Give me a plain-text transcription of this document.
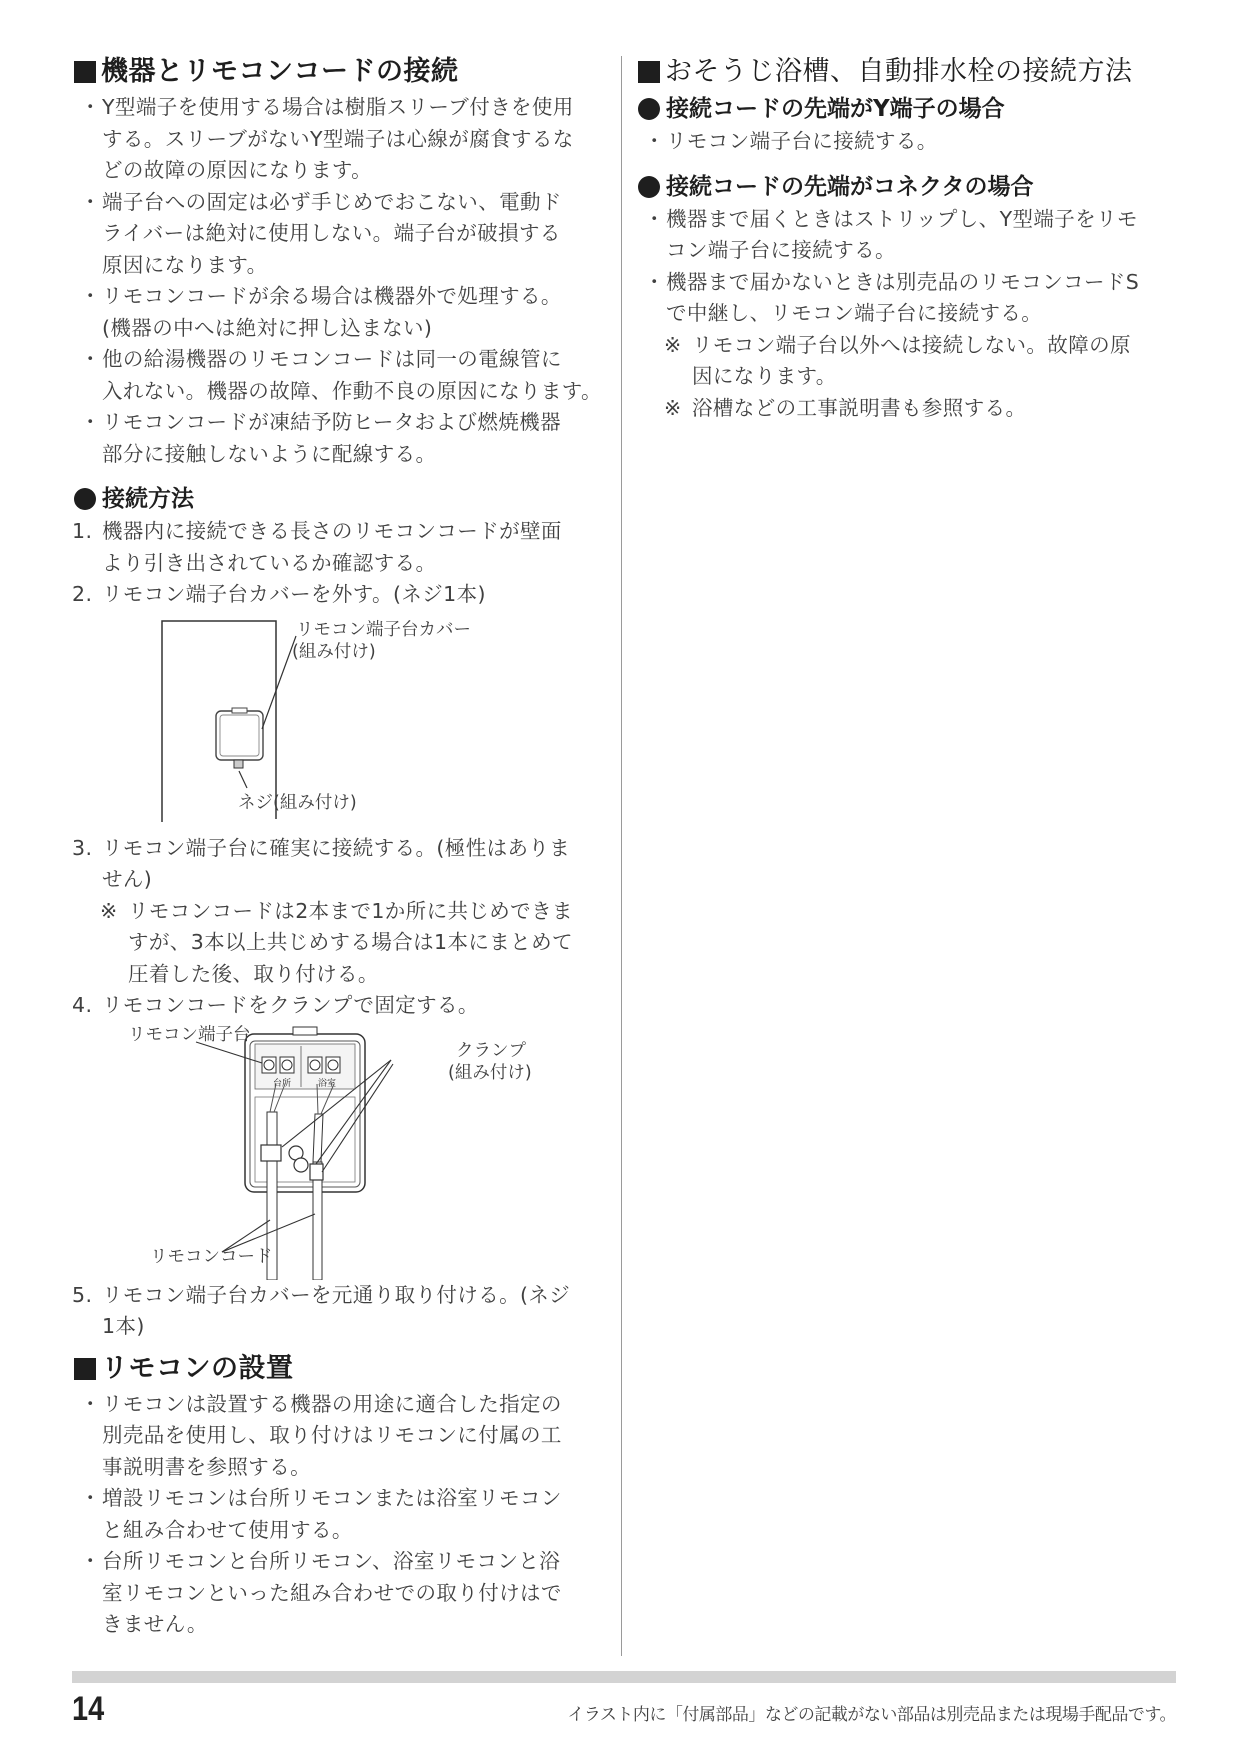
機器とリモコンコードの接続

・ Y型端子を使用する場合は樹脂スリーブ付きを使用
する。スリーブがないY型端子は心線が腐食するな
どの故障の原因になります。

・ 端子台への固定は必ず手じめでおこない、電動ド
ライバーは絶対に使用しない。端子台が破損する
原因になります。

・ リモコンコードが余る場合は機器外で処理する。
(機器の中へは絶対に押し込まない)

・ 他の給湯機器のリモコンコードは同一の電線管に
入れない。機器の故障、作動不良の原因になります。

・ リモコンコードが凍結予防ヒータおよび燃焼機器
部分に接触しないように配線する。

接続方法

1. 機器内に接続できる長さのリモコンコードが壁面
より引き出されているか確認する。

2. リモコン端子台カバーを外す。(ネジ1本)

リモコン端子台カバー
(組み付け)
ネジ(組み付け)

3. リモコン端子台に確実に接続する。(極性はありま
せん)

※ リモコンコードは2本まで1か所に共じめできま
すが、3本以上共じめする場合は1本にまとめて
圧着した後、取り付ける。

4. リモコンコードをクランプで固定する。

台所	浴室
リモコン端子台
クランプ
(組み付け)
リモコンコード

5. リモコン端子台カバーを元通り取り付ける。(ネジ
1本)

リモコンの設置

・ リモコンは設置する機器の用途に適合した指定の
別売品を使用し、取り付けはリモコンに付属の工
事説明書を参照する。

・ 増設リモコンは台所リモコンまたは浴室リモコン
と組み合わせて使用する。

・ 台所リモコンと台所リモコン、浴室リモコンと浴
室リモコンといった組み合わせでの取り付けはで
きません。

おそうじ浴槽、自動排水栓の接続方法
接続コードの先端がY端子の場合

・ リモコン端子台に接続する。

接続コードの先端がコネクタの場合

・ 機器まで届くときはストリップし、Y型端子をリモ
コン端子台に接続する。

・ 機器まで届かないときは別売品のリモコンコードS
で中継し、リモコン端子台に接続する。

※ リモコン端子台以外へは接続しない。故障の原
因になります。

※ 浴槽などの工事説明書も参照する。

14	イラスト内に「付属部品」などの記載がない部品は別売品または現場手配品です。
